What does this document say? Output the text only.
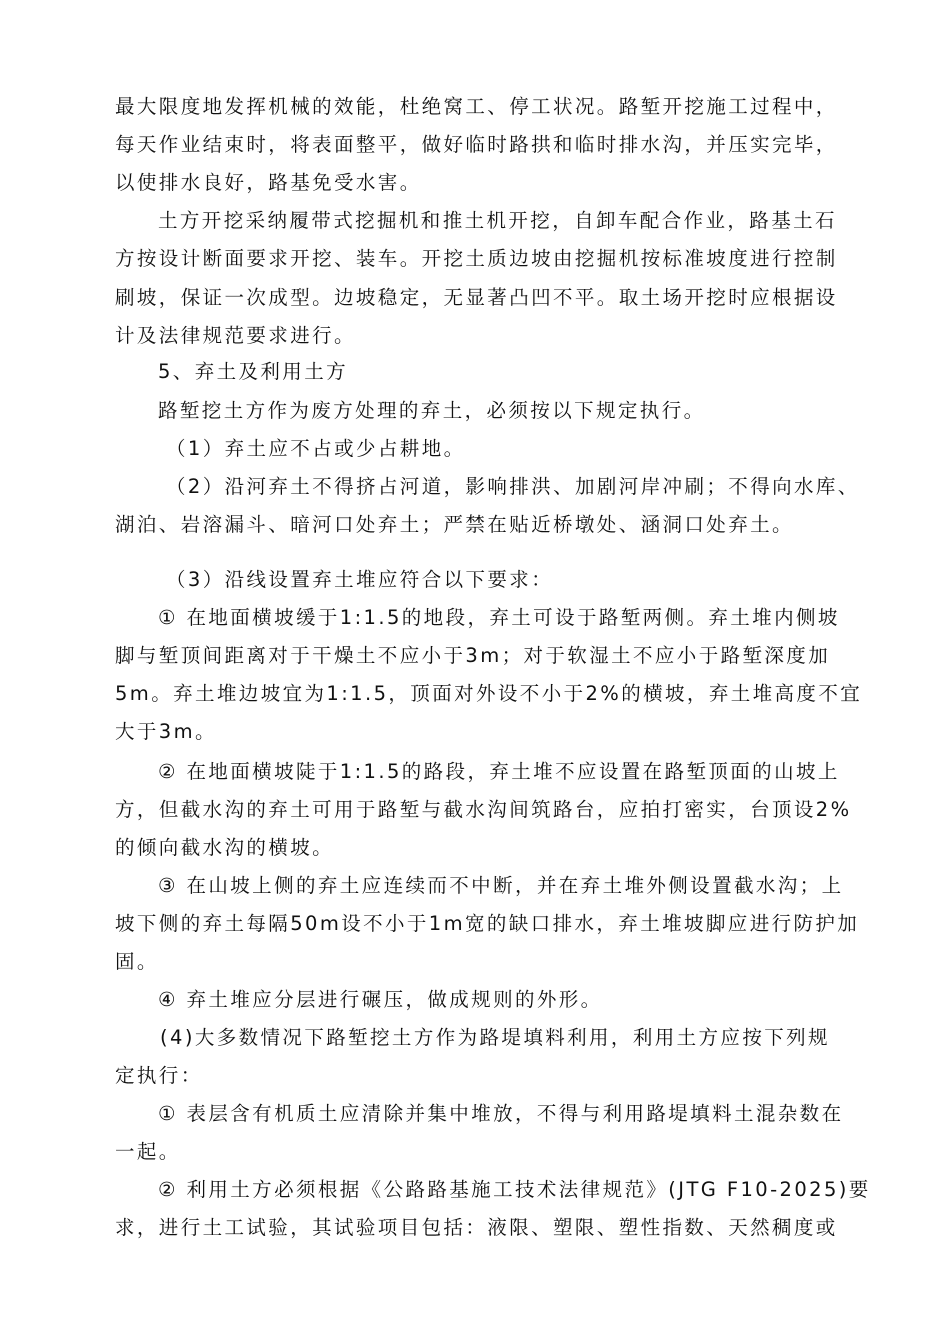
最大限度地发挥机械的效能，杜绝窝工、停工状况。路堑开挖施工过程中，
每天作业结束时，将表面整平，做好临时路拱和临时排水沟，并压实完毕，
以使排水良好，路基免受水害。
土方开挖采纳履带式挖掘机和推土机开挖，自卸车配合作业，路基土石
方按设计断面要求开挖、装车。开挖土质边坡由挖掘机按标准坡度进行控制
刷坡，保证一次成型。边坡稳定，无显著凸凹不平。取土场开挖时应根据设
计及法律规范要求进行。
5、弃土及利用土方
路堑挖土方作为废方处理的弃土，必须按以下规定执行。
（1）弃土应不占或少占耕地。
（2）沿河弃土不得挤占河道，影响排洪、加剧河岸冲刷；不得向水库、
湖泊、岩溶漏斗、暗河口处弃土；严禁在贴近桥墩处、涵洞口处弃土。
（3）沿线设置弃土堆应符合以下要求：
① 在地面横坡缓于1:1.5的地段，弃土可设于路堑两侧。弃土堆内侧坡
脚与堑顶间距离对于干燥土不应小于3m；对于软湿土不应小于路堑深度加
5m。弃土堆边坡宜为1:1.5，顶面对外设不小于2%的横坡，弃土堆高度不宜
大于3m。
② 在地面横坡陡于1:1.5的路段，弃土堆不应设置在路堑顶面的山坡上
方，但截水沟的弃土可用于路堑与截水沟间筑路台，应拍打密实，台顶设2%
的倾向截水沟的横坡。
③ 在山坡上侧的弃土应连续而不中断，并在弃土堆外侧设置截水沟；上
坡下侧的弃土每隔50m设不小于1m宽的缺口排水，弃土堆坡脚应进行防护加
固。
④ 弃土堆应分层进行碾压，做成规则的外形。
(4)大多数情况下路堑挖土方作为路堤填料利用，利用土方应按下列规
定执行：
① 表层含有机质土应清除并集中堆放，不得与利用路堤填料土混杂数在
一起。
② 利用土方必须根据《公路路基施工技术法律规范》(JTG F10-2025)要
求，进行土工试验，其试验项目包括：液限、塑限、塑性指数、天然稠度或
